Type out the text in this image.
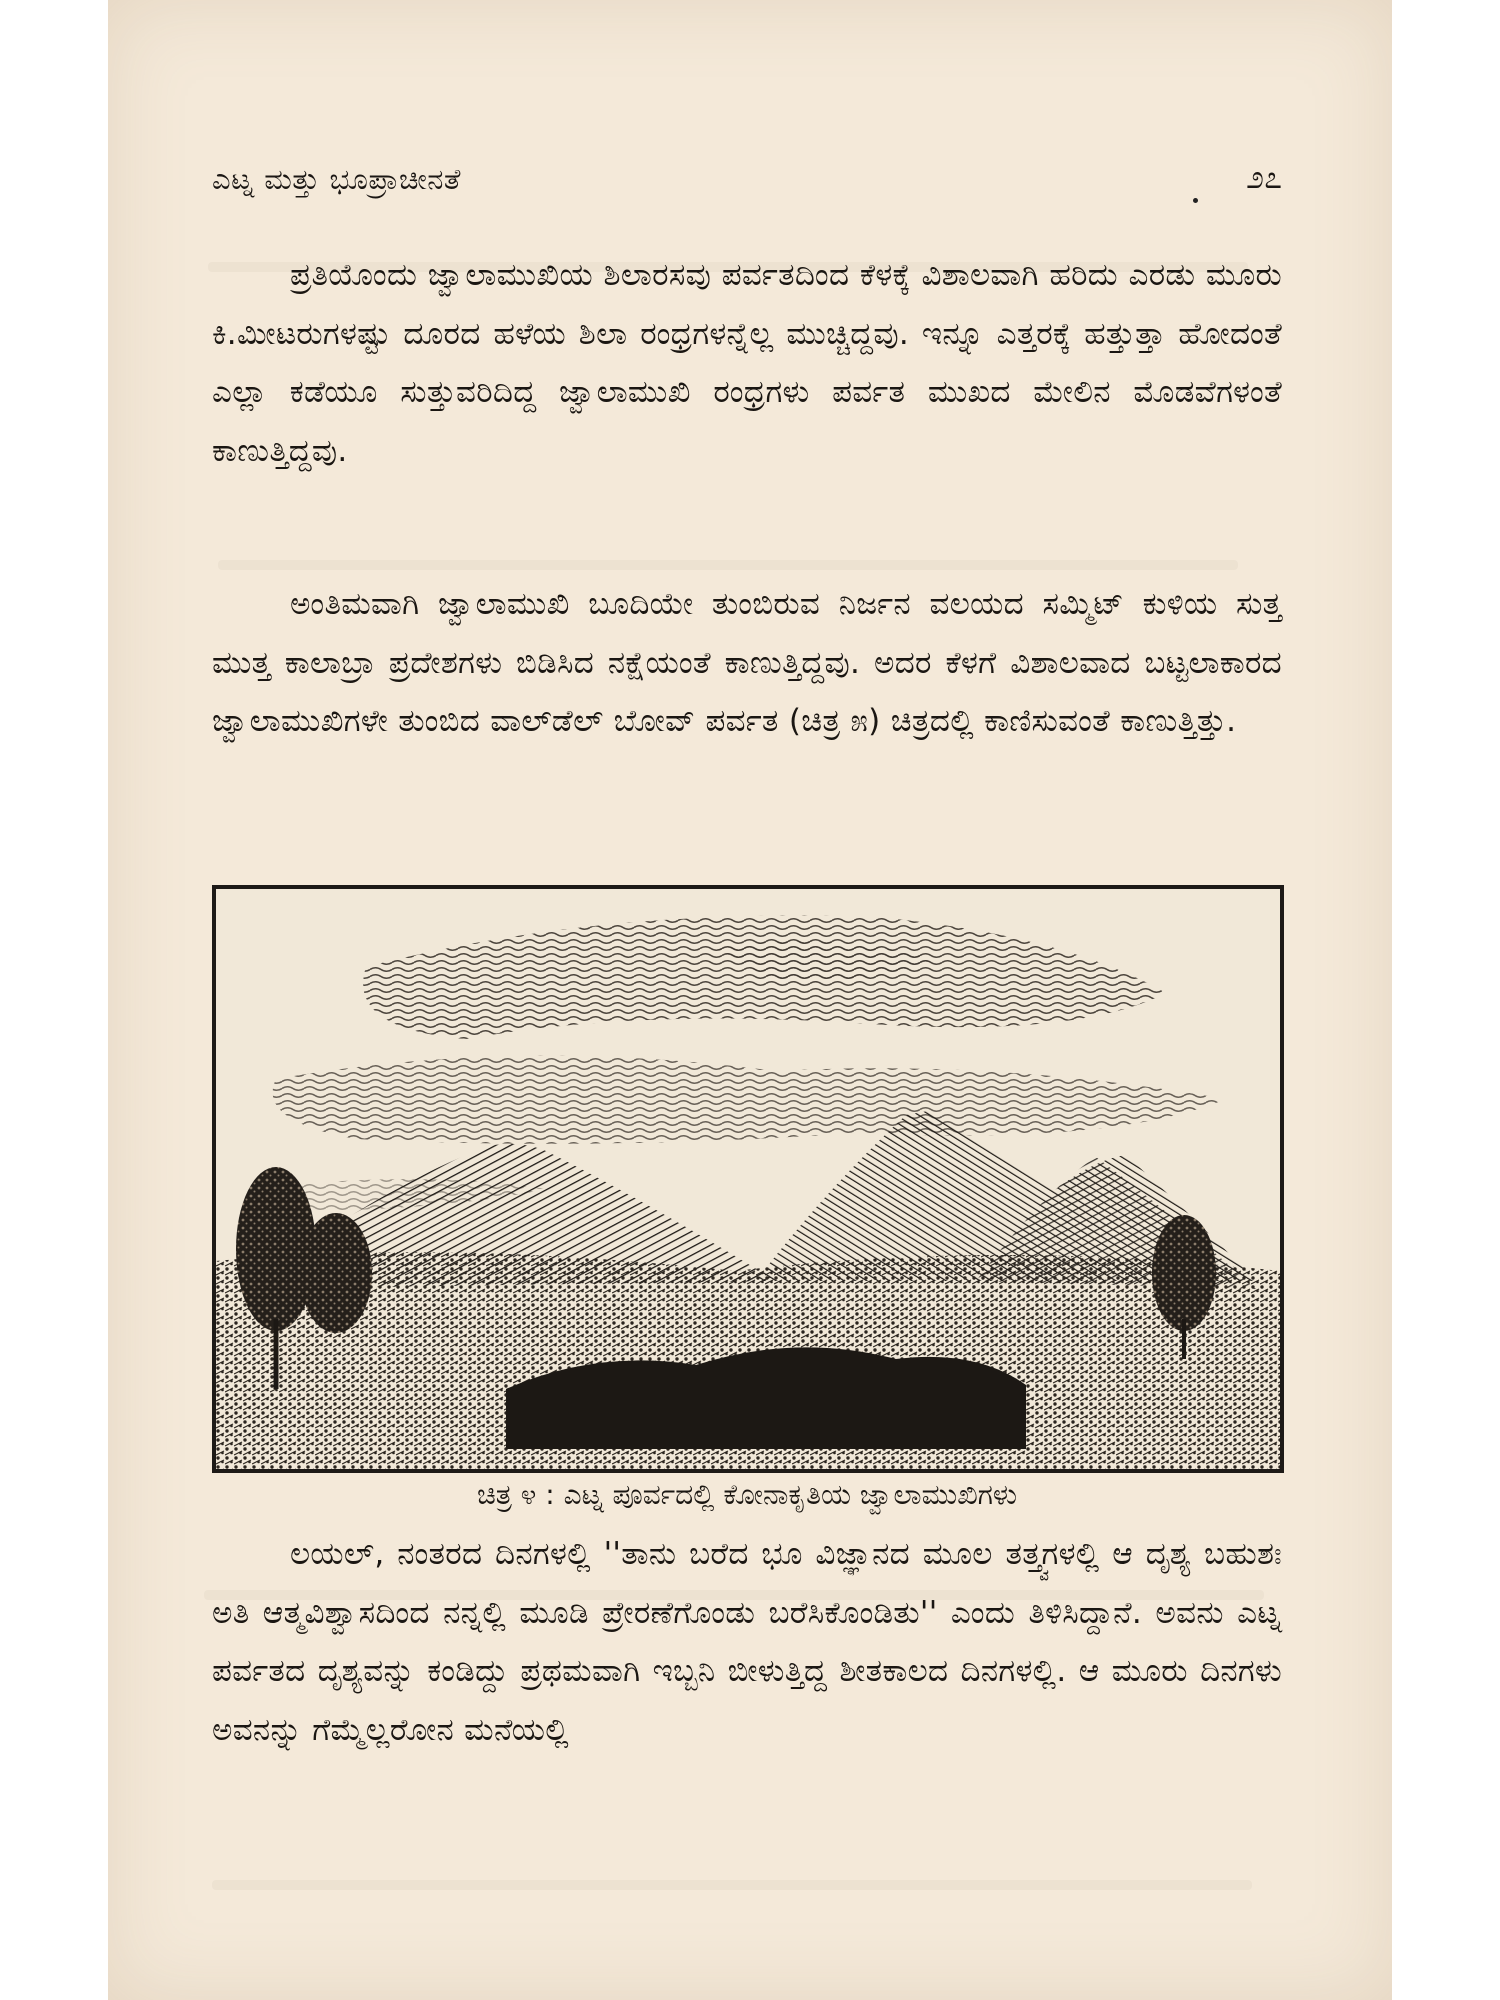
ಎಟ್ನ ಮತ್ತು ಭೂಪ್ರಾಚೀನತೆ	೨೭

ಪ್ರತಿಯೊಂದು ಜ್ವಾಲಾಮುಖಿಯ ಶಿಲಾರಸವು ಪರ್ವತದಿಂದ ಕೆಳಕ್ಕೆ ವಿಶಾಲವಾಗಿ ಹರಿದು ಎರಡು ಮೂರು ಕಿ.ಮೀಟರುಗಳಷ್ಟು ದೂರದ ಹಳೆಯ ಶಿಲಾ ರಂಧ್ರಗಳನ್ನೆಲ್ಲ ಮುಚ್ಚಿದ್ದವು. ಇನ್ನೂ ಎತ್ತರಕ್ಕೆ ಹತ್ತುತ್ತಾ ಹೋದಂತೆ ಎಲ್ಲಾ ಕಡೆಯೂ ಸುತ್ತುವರಿದಿದ್ದ ಜ್ವಾಲಾಮುಖಿ ರಂಧ್ರಗಳು ಪರ್ವತ ಮುಖದ ಮೇಲಿನ ಮೊಡವೆಗಳಂತೆ ಕಾಣುತ್ತಿದ್ದವು.

ಅಂತಿಮವಾಗಿ ಜ್ವಾಲಾಮುಖಿ ಬೂದಿಯೇ ತುಂಬಿರುವ ನಿರ್ಜನ ವಲಯದ ಸಮ್ಮಿಟ್ ಕುಳಿಯ ಸುತ್ತ ಮುತ್ತ ಕಾಲಾಬ್ರಾ ಪ್ರದೇಶಗಳು ಬಿಡಿಸಿದ ನಕ್ಷೆಯಂತೆ ಕಾಣುತ್ತಿದ್ದವು. ಅದರ ಕೆಳಗೆ ವಿಶಾಲವಾದ ಬಟ್ಟಲಾಕಾರದ ಜ್ವಾಲಾಮುಖಿಗಳೇ ತುಂಬಿದ ವಾಲ್‌ಡೆಲ್ ಬೋವ್ ಪರ್ವತ (ಚಿತ್ರ ೫) ಚಿತ್ರದಲ್ಲಿ ಕಾಣಿಸುವಂತೆ ಕಾಣುತ್ತಿತ್ತು.

ಚಿತ್ರ ೪ : ಎಟ್ನ ಪೂರ್ವದಲ್ಲಿ ಕೋನಾಕೃತಿಯ ಜ್ವಾಲಾಮುಖಿಗಳು

ಲಯಲ್, ನಂತರದ ದಿನಗಳಲ್ಲಿ ''ತಾನು ಬರೆದ ಭೂ ವಿಜ್ಞಾನದ ಮೂಲ ತತ್ತ್ವಗಳಲ್ಲಿ ಆ ದೃಶ್ಯ ಬಹುಶಃ ಅತಿ ಆತ್ಮವಿಶ್ವಾಸದಿಂದ ನನ್ನಲ್ಲಿ ಮೂಡಿ ಪ್ರೇರಣೆಗೊಂಡು ಬರೆಸಿಕೊಂಡಿತು'' ಎಂದು ತಿಳಿಸಿದ್ದಾನೆ. ಅವನು ಎಟ್ನ ಪರ್ವತದ ದೃಶ್ಯವನ್ನು ಕಂಡಿದ್ದು ಪ್ರಥಮವಾಗಿ ಇಬ್ಬನಿ ಬೀಳುತ್ತಿದ್ದ ಶೀತಕಾಲದ ದಿನಗಳಲ್ಲಿ. ಆ ಮೂರು ದಿನಗಳು ಅವನನ್ನು ಗೆಮ್ಮೆಲ್ಲರೋನ ಮನೆಯಲ್ಲಿ
